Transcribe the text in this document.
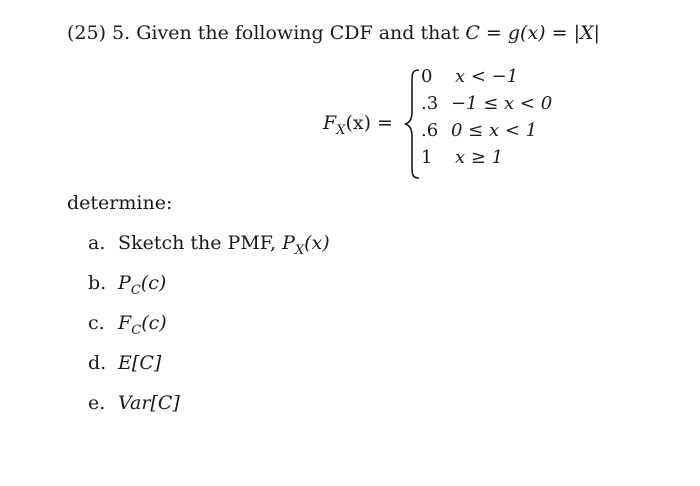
(25) 5. Given the following CDF and that C = g(x) = |X|
$F_X(x)$ =
0	x < −1
.3 −1 ≤ x < 0
.6 0 ≤ x < 1
1	x ≥ 1
determine:
a. Sketch the PMF, $P_X(x)$
b. $P_C(c)$
c. $F_C(c)$
d. E[C]
e. Var[C]
